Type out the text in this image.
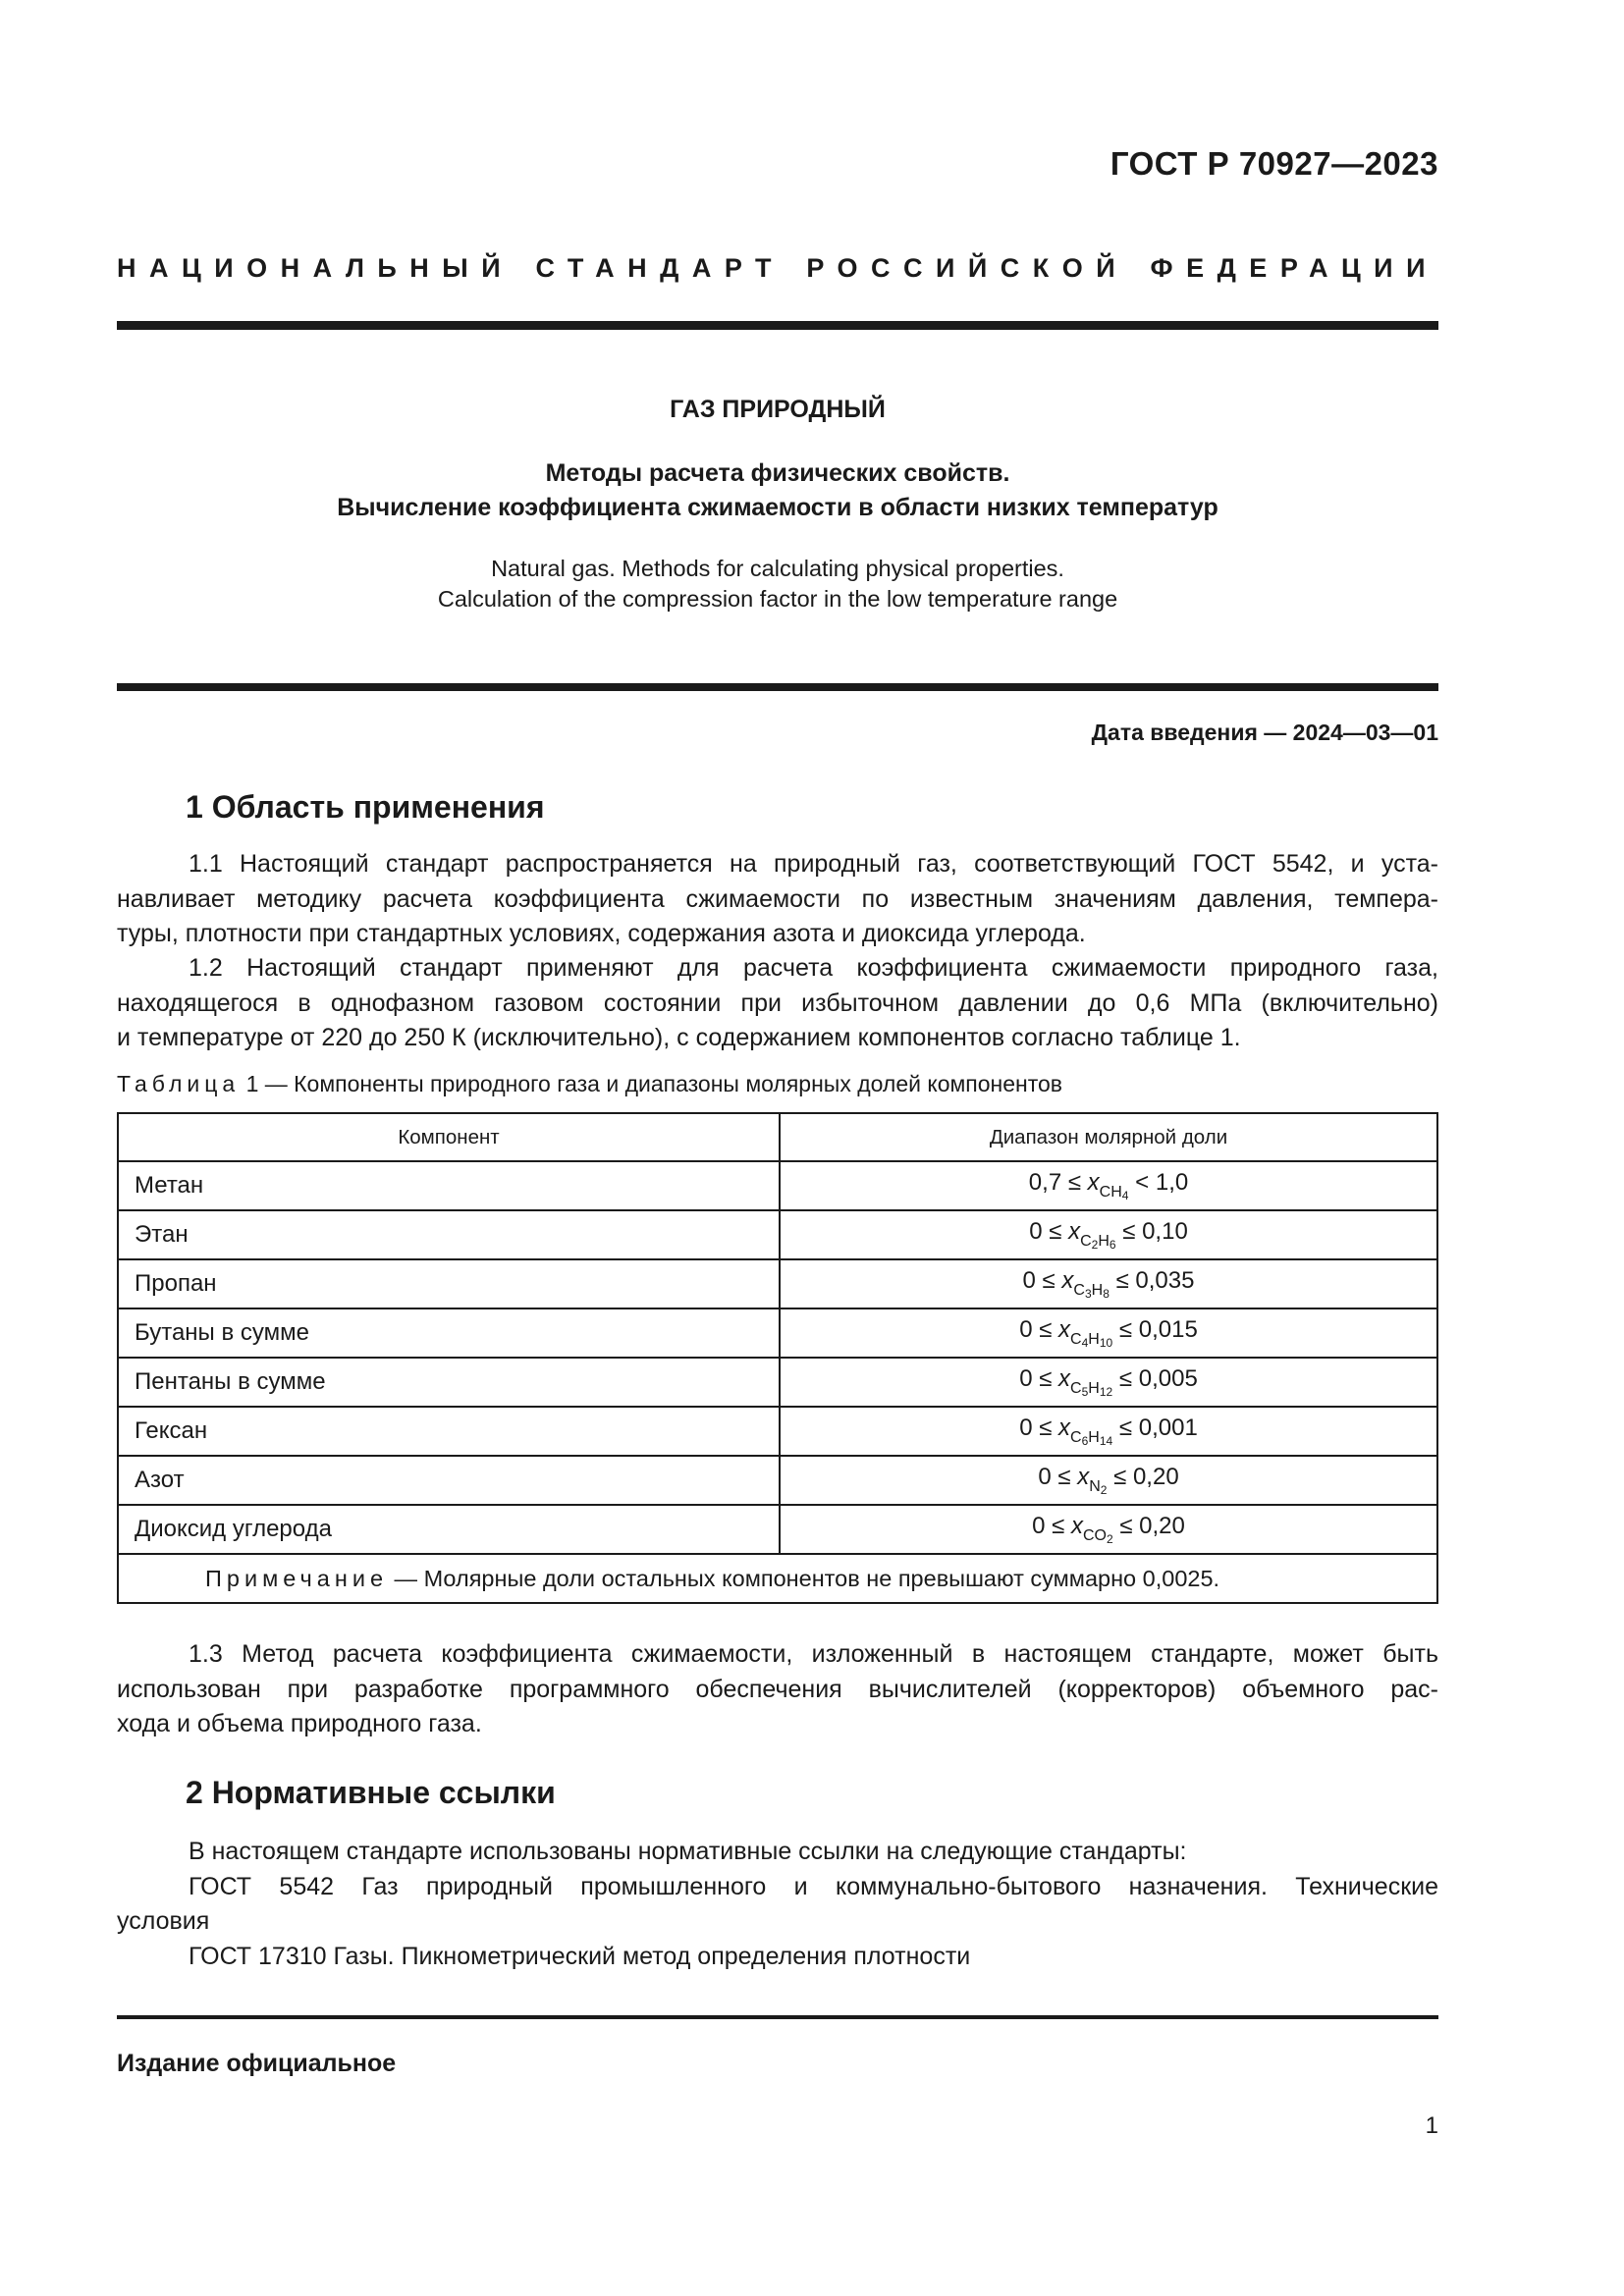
ГОСТ Р 70927—2023
НАЦИОНАЛЬНЫЙ СТАНДАРТ РОССИЙСКОЙ ФЕДЕРАЦИИ
ГАЗ ПРИРОДНЫЙ
Методы расчета физических свойств.
Вычисление коэффициента сжимаемости в области низких температур
Natural gas. Methods for calculating physical properties.
Calculation of the compression factor in the low temperature range
Дата введения — 2024—03—01
1 Область применения
1.1 Настоящий стандарт распространяется на природный газ, соответствующий ГОСТ 5542, и уста-
навливает методику расчета коэффициента сжимаемости по известным значениям давления, темпера-
туры, плотности при стандартных условиях, содержания азота и диоксида углерода.
1.2 Настоящий стандарт применяют для расчета коэффициента сжимаемости природного газа,
находящегося в однофазном газовом состоянии при избыточном давлении до 0,6 МПа (включительно)
и температуре от 220 до 250 К (исключительно), с содержанием компонентов согласно таблице 1.
Таблица 1 — Компоненты природного газа и диапазоны молярных долей компонентов
Компонент	Диапазон молярной доли
Метан	$0,7 \le x_{CH_4} < 1,0$
Этан	$0 \le x_{C_2H_6} \le 0,10$
Пропан	$0 \le x_{C_3H_8} \le 0,035$
Бутаны в сумме	$0 \le x_{C_4H_{10}} \le 0,015$
Пентаны в сумме	$0 \le x_{C_5H_{12}} \le 0,005$
Гексан	$0 \le x_{C_6H_{14}} \le 0,001$
Азот	$0 \le x_{N_2} \le 0,20$
Диоксид углерода	$0 \le x_{CO_2} \le 0,20$
Примечание — Молярные доли остальных компонентов не превышают суммарно 0,0025.	
1.3 Метод расчета коэффициента сжимаемости, изложенный в настоящем стандарте, может быть
использован при разработке программного обеспечения вычислителей (корректоров) объемного рас-
хода и объема природного газа.
2 Нормативные ссылки
В настоящем стандарте использованы нормативные ссылки на следующие стандарты:
ГОСТ 5542 Газ природный промышленного и коммунально-бытового назначения. Технические
условия
ГОСТ 17310 Газы. Пикнометрический метод определения плотности
Издание официальное
1
